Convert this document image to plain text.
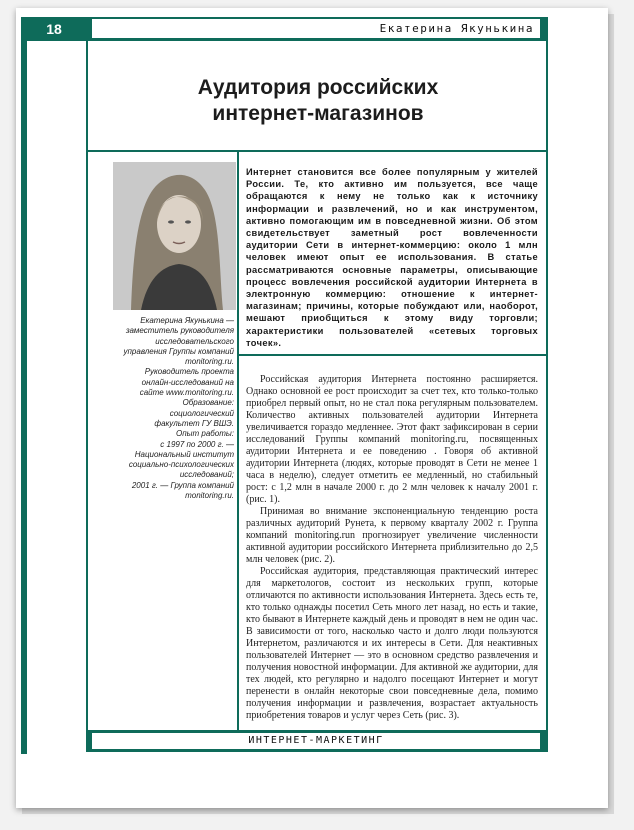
18	Екатерина Якунькина
Аудитория российских
интернет-магазинов
Екатерина Якунькина —
заместитель руководителя
исследовательского
управления Группы компаний
monitoring.ru.
Руководитель проекта
онлайн-исследований на
сайте www.monitoring.ru.
Образование:
социологический
факультет ГУ ВШЭ.
Опыт работы:
с 1997 по 2000 г. —
Национальный институт
социально-психологических
исследований;
2001 г. — Группа компаний
monitoring.ru.
Интернет становится все более популярным у жителей России. Те, кто активно им пользуется, все чаще обращаются к нему не только как к источнику информации и развлечений, но и как инструментом, активно помогающим им в повседневной жизни. Об этом свидетельствует заметный рост вовлеченности аудитории Сети в интернет-коммерцию: около 1 млн человек имеют опыт ее использования. В статье рассматриваются основные параметры, описывающие процесс вовлечения российской аудитории Интернета в электронную коммерцию: отношение к интернет-магазинам; причины, которые побуждают или, наоборот, мешают приобщиться к этому виду торговли; характеристики пользователей «сетевых торговых точек».

Российская аудитория Интернета постоянно расширяется. Однако основной ее рост происходит за счет тех, кто только-только приобрел первый опыт, но не стал пока регулярным пользователем. Количество активных пользователей аудитории Интернета увеличивается гораздо медленнее. Этот факт зафиксирован в серии исследований Группы компаний monitoring.ru, посвященных аудитории Интернета и ее поведению . Говоря об активной аудитории Интернета (людях, которые проводят в Сети не менее 1 часа в неделю), следует отметить ее медленный, но стабильный рост: с 1,2 млн в начале 2000 г. до 2 млн человек к началу 2001 г. (рис. 1).

Принимая во внимание экспоненциальную тенденцию роста различных аудиторий Рунета, к первому кварталу 2002 г. Группа компаний monitoring.run прогнозирует увеличение численности активной аудитории российского Интернета приблизительно до 2,5 млн человек (рис. 2).

Российская аудитория, представляющая практический интерес для маркетологов, состоит из нескольких групп, которые отличаются по активности использования Интернета. Здесь есть те, кто только однажды посетил Сеть много лет назад, но есть и такие, кто бывают в Интернете каждый день и проводят в нем не один час. В зависимости от того, насколько часто и долго люди пользуются Интернетом, различаются и их интересы в Сети. Для неактивных пользователей Интернет — это в основном средство развлечения и получения новостной информации. Для активной же аудитории, для тех людей, кто регулярно и надолго посещают Интернет и могут перенести в онлайн некоторые свои повседневные дела, помимо получения информации и развлечения, возрастает актуальность приобретения товаров и услуг через Сеть (рис. 3).

ИНТЕРНЕТ-МАРКЕТИНГ
